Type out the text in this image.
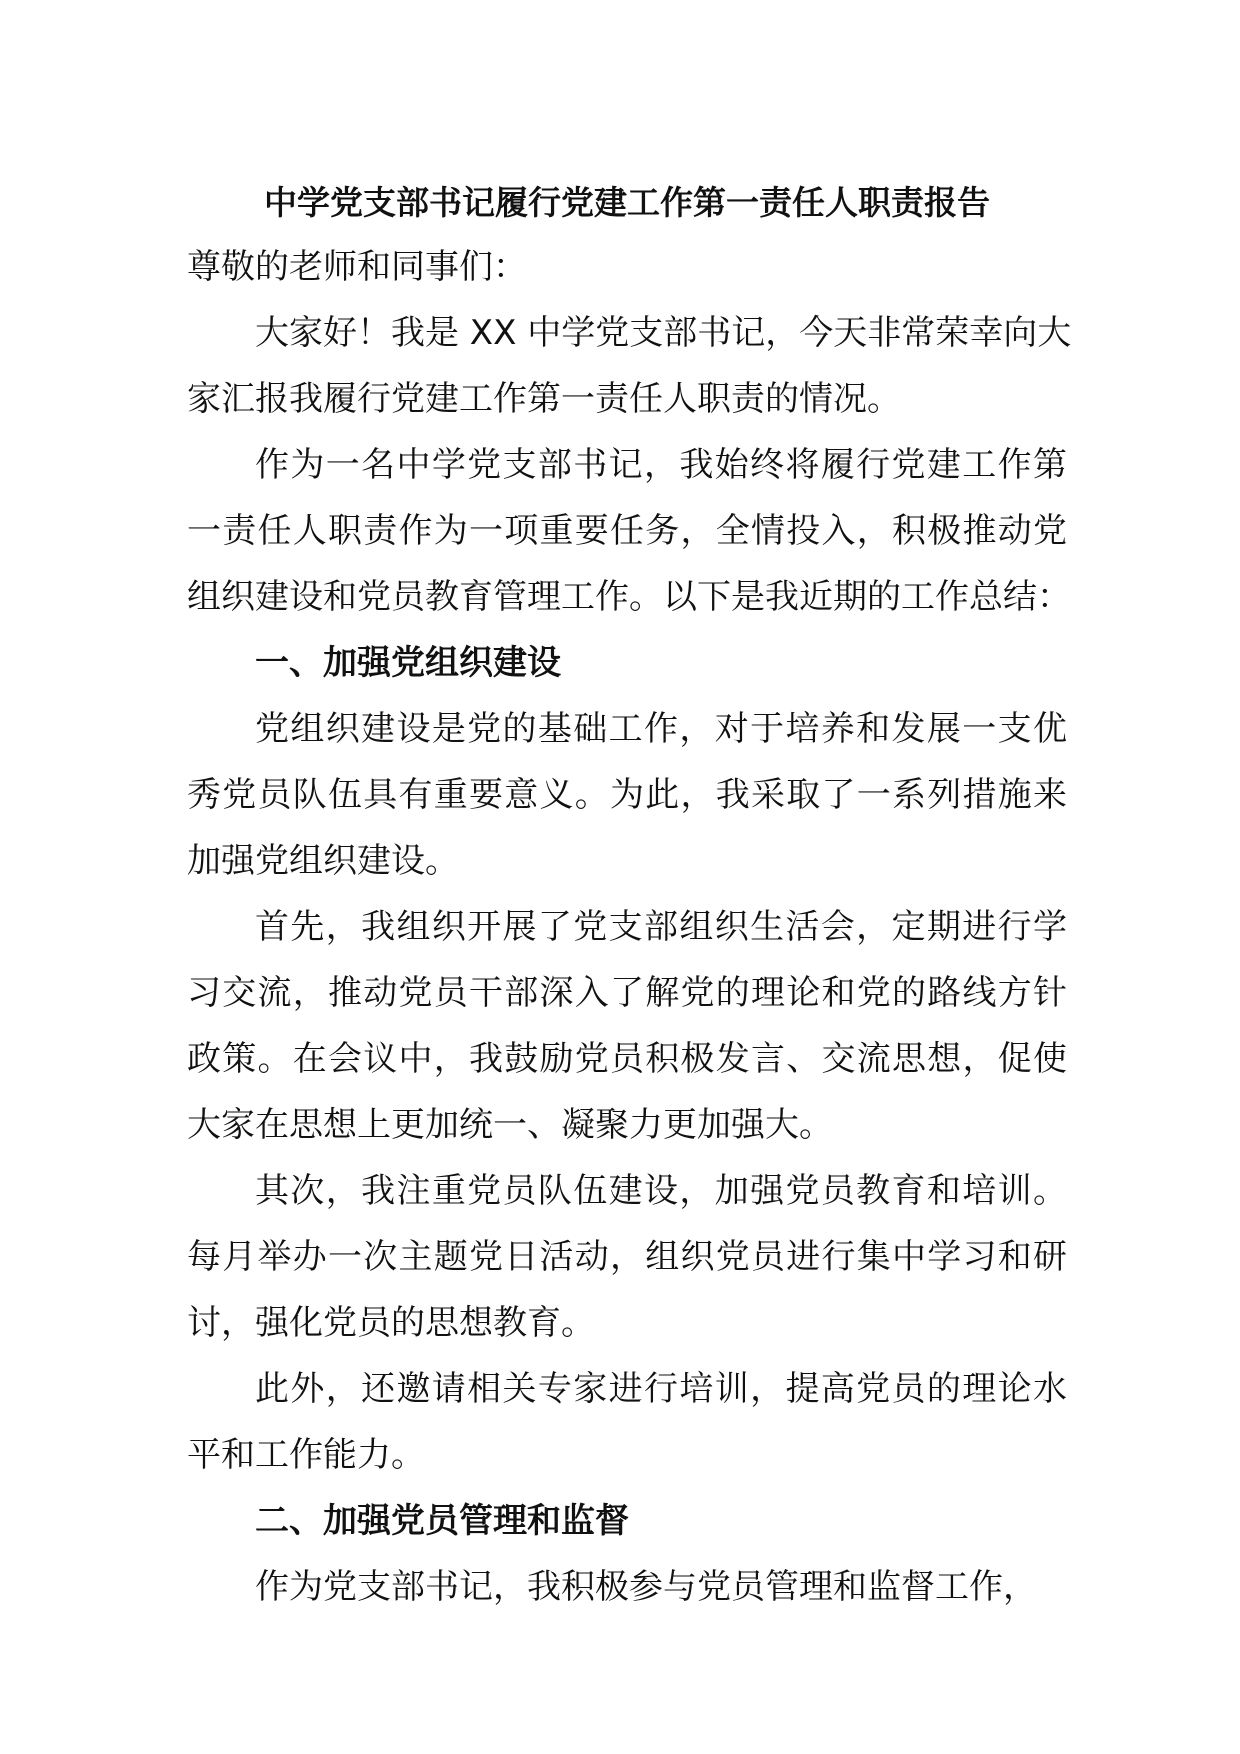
中学党支部书记履行党建工作第一责任人职责报告
尊敬的老师和同事们：
大家好！我是 XX 中学党支部书记，今天非常荣幸向大
家汇报我履行党建工作第一责任人职责的情况。
作为一名中学党支部书记，我始终将履行党建工作第
一责任人职责作为一项重要任务，全情投入，积极推动党
组织建设和党员教育管理工作。以下是我近期的工作总结：
一、加强党组织建设
党组织建设是党的基础工作，对于培养和发展一支优
秀党员队伍具有重要意义。为此，我采取了一系列措施来
加强党组织建设。
首先，我组织开展了党支部组织生活会，定期进行学
习交流，推动党员干部深入了解党的理论和党的路线方针
政策。在会议中，我鼓励党员积极发言、交流思想，促使
大家在思想上更加统一、凝聚力更加强大。
其次，我注重党员队伍建设，加强党员教育和培训。
每月举办一次主题党日活动，组织党员进行集中学习和研
讨，强化党员的思想教育。
此外，还邀请相关专家进行培训，提高党员的理论水
平和工作能力。
二、加强党员管理和监督
作为党支部书记，我积极参与党员管理和监督工作，
